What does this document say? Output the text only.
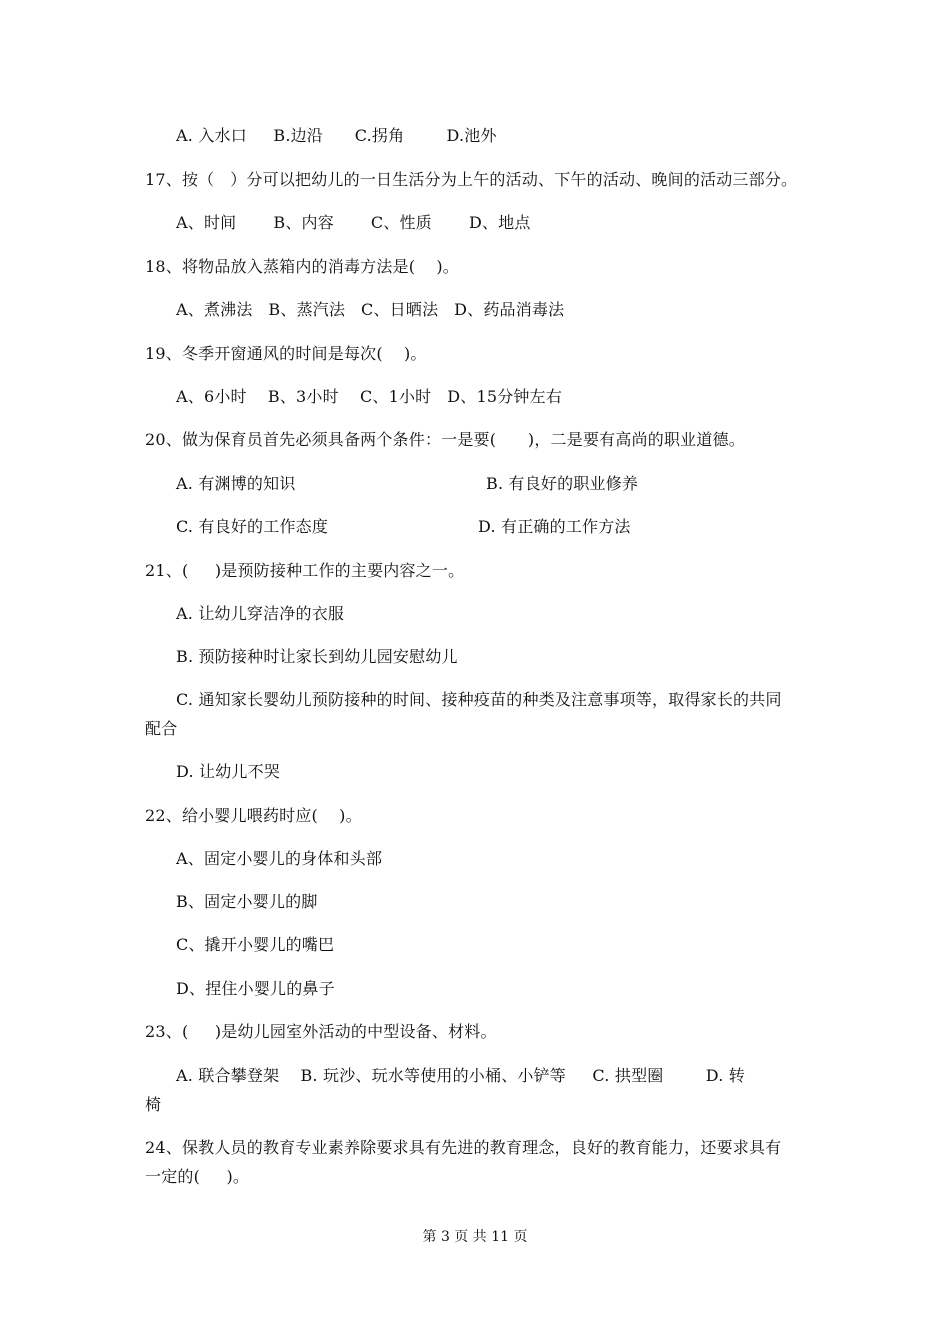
A. 入水口     B.边沿      C.拐角        D.池外
17、按（   ）分可以把幼儿的一日生活分为上午的活动、下午的活动、晚间的活动三部分。
A、时间       B、内容       C、性质       D、地点
18、将物品放入蒸箱内的消毒方法是(    )。
A、煮沸法   B、蒸汽法   C、日晒法   D、药品消毒法
19、冬季开窗通风的时间是每次(    )。
A、6小时    B、3小时    C、1小时   D、15分钟左右
20、做为保育员首先必须具备两个条件：一是要(      )，二是要有高尚的职业道德。
A. 有渊博的知识	B. 有良好的职业修养
C. 有良好的工作态度	D. 有正确的工作方法
21、(     )是预防接种工作的主要内容之一。
A. 让幼儿穿洁净的衣服
B. 预防接种时让家长到幼儿园安慰幼儿
C. 通知家长婴幼儿预防接种的时间、接种疫苗的种类及注意事项等，取得家长的共同
配合
D. 让幼儿不哭
22、给小婴儿喂药时应(    )。
A、固定小婴儿的身体和头部
B、固定小婴儿的脚
C、撬开小婴儿的嘴巴
D、捏住小婴儿的鼻子
23、(     )是幼儿园室外活动的中型设备、材料。
A. 联合攀登架    B. 玩沙、玩水等使用的小桶、小铲等     C. 拱型圈        D. 转
椅
24、保教人员的教育专业素养除要求具有先进的教育理念，良好的教育能力，还要求具有
一定的(     )。
第 3 页 共 11 页
